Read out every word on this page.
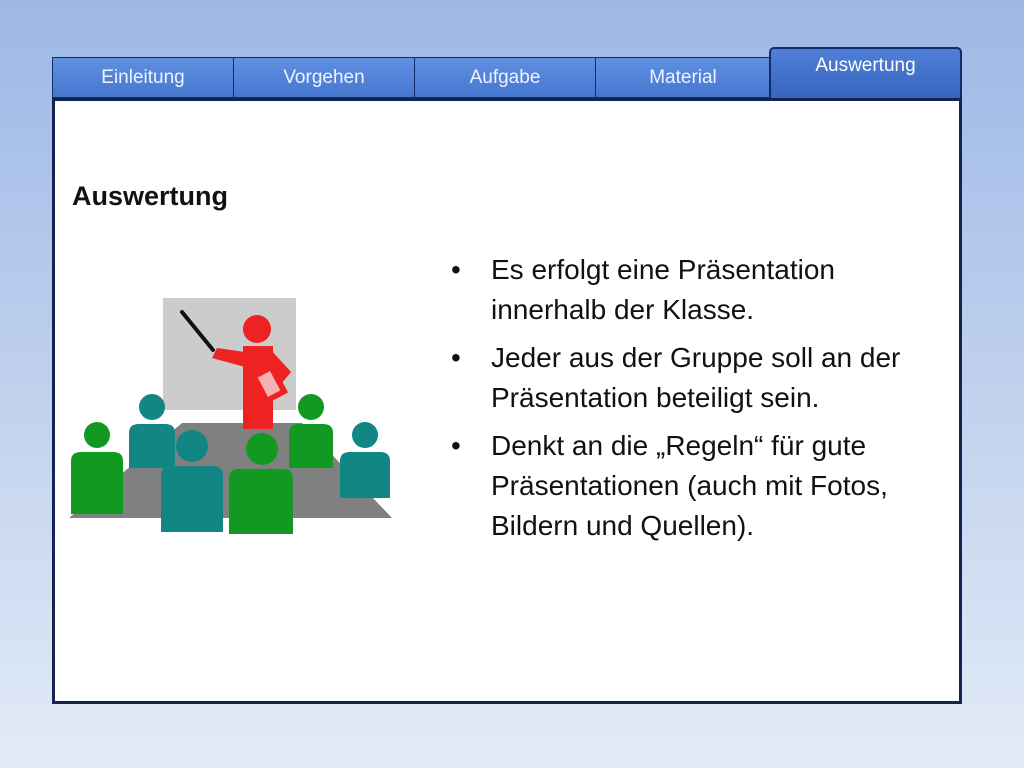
Einleitung	Vorgehen	Aufgabe	Material
Auswertung
Auswertung
• Es erfolgt eine Präsentation innerhalb der Klasse.
• Jeder aus der Gruppe soll an der Präsentation beteiligt sein.
• Denkt an die „Regeln“ für gute Präsentationen (auch mit Fotos, Bildern und Quellen).
